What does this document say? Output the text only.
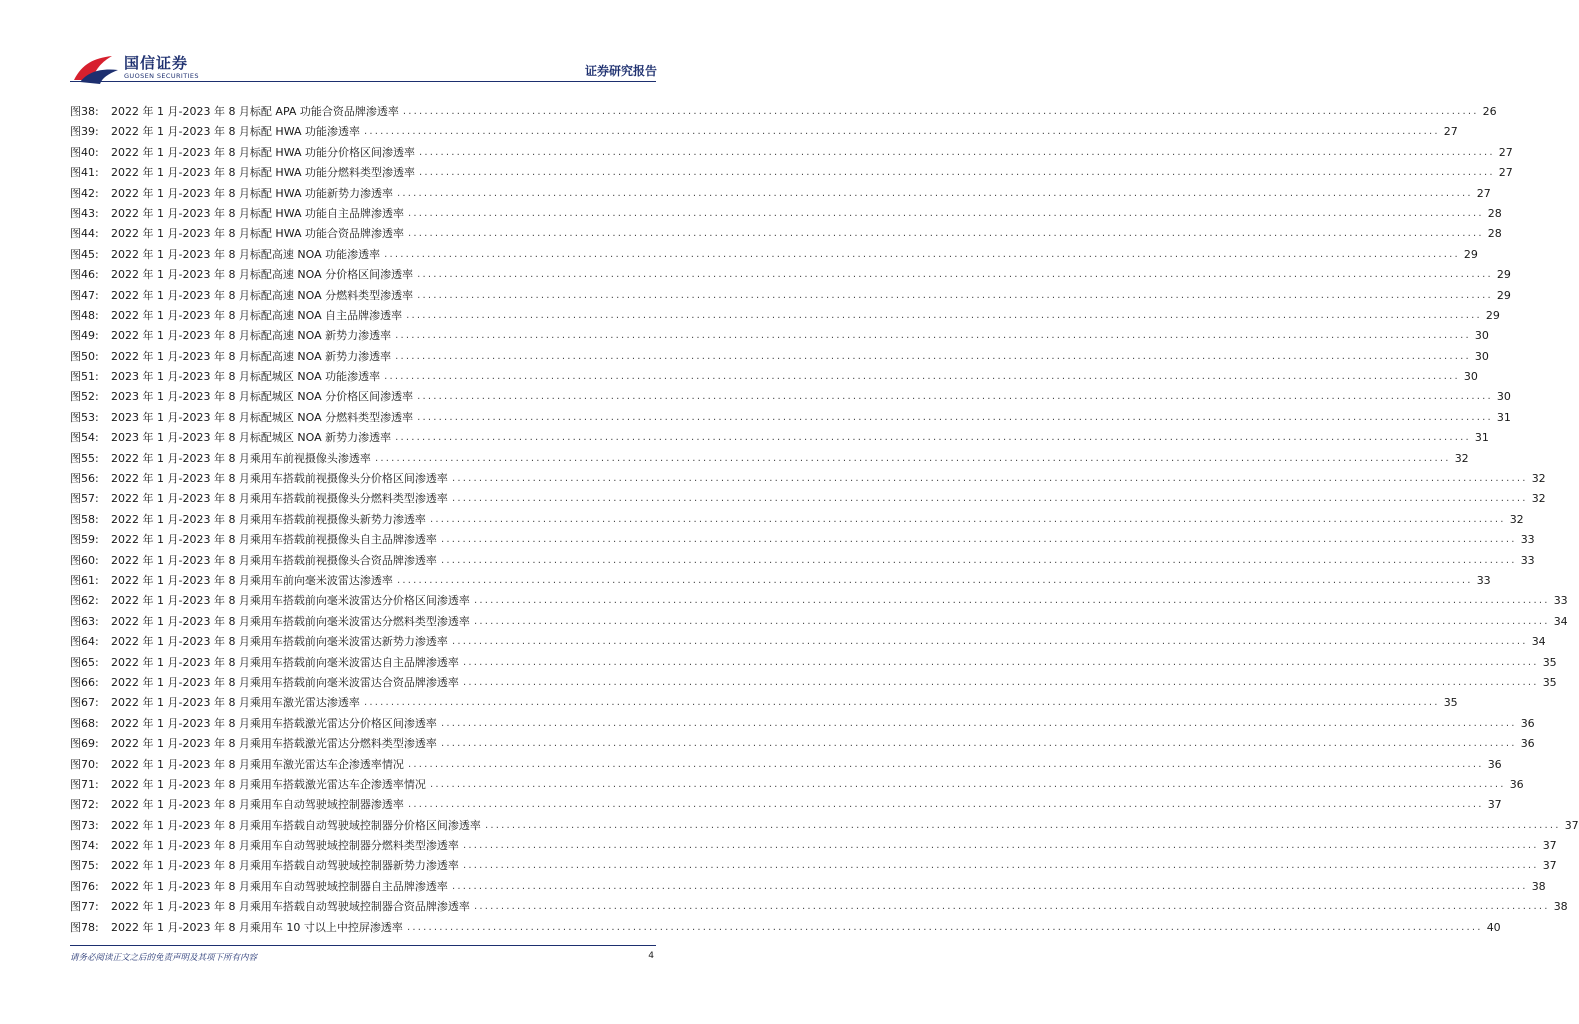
国信证券
GUOSEN SECURITIES	证券研究报告
图38:	2022 年 1 月-2023 年 8 月标配 APA 功能合资品牌渗透率 ........................................................................................................................................................................................................ 26
图39:	2022 年 1 月-2023 年 8 月标配 HWA 功能渗透率 ........................................................................................................................................................................................................ 27
图40:	2022 年 1 月-2023 年 8 月标配 HWA 功能分价格区间渗透率 ........................................................................................................................................................................................................ 27
图41:	2022 年 1 月-2023 年 8 月标配 HWA 功能分燃料类型渗透率 ........................................................................................................................................................................................................ 27
图42:	2022 年 1 月-2023 年 8 月标配 HWA 功能新势力渗透率 ........................................................................................................................................................................................................ 27
图43:	2022 年 1 月-2023 年 8 月标配 HWA 功能自主品牌渗透率 ........................................................................................................................................................................................................ 28
图44:	2022 年 1 月-2023 年 8 月标配 HWA 功能合资品牌渗透率 ........................................................................................................................................................................................................ 28
图45:	2022 年 1 月-2023 年 8 月标配高速 NOA 功能渗透率 ........................................................................................................................................................................................................ 29
图46:	2022 年 1 月-2023 年 8 月标配高速 NOA 分价格区间渗透率 ........................................................................................................................................................................................................ 29
图47:	2022 年 1 月-2023 年 8 月标配高速 NOA 分燃料类型渗透率 ........................................................................................................................................................................................................ 29
图48:	2022 年 1 月-2023 年 8 月标配高速 NOA 自主品牌渗透率 ........................................................................................................................................................................................................ 29
图49:	2022 年 1 月-2023 年 8 月标配高速 NOA 新势力渗透率 ........................................................................................................................................................................................................ 30
图50:	2022 年 1 月-2023 年 8 月标配高速 NOA 新势力渗透率 ........................................................................................................................................................................................................ 30
图51:	2023 年 1 月-2023 年 8 月标配城区 NOA 功能渗透率 ........................................................................................................................................................................................................ 30
图52:	2023 年 1 月-2023 年 8 月标配城区 NOA 分价格区间渗透率 ........................................................................................................................................................................................................ 30
图53:	2023 年 1 月-2023 年 8 月标配城区 NOA 分燃料类型渗透率 ........................................................................................................................................................................................................ 31
图54:	2023 年 1 月-2023 年 8 月标配城区 NOA 新势力渗透率 ........................................................................................................................................................................................................ 31
图55:	2022 年 1 月-2023 年 8 月乘用车前视摄像头渗透率 ........................................................................................................................................................................................................ 32
图56:	2022 年 1 月-2023 年 8 月乘用车搭载前视摄像头分价格区间渗透率 ........................................................................................................................................................................................................ 32
图57:	2022 年 1 月-2023 年 8 月乘用车搭载前视摄像头分燃料类型渗透率 ........................................................................................................................................................................................................ 32
图58:	2022 年 1 月-2023 年 8 月乘用车搭载前视摄像头新势力渗透率 ........................................................................................................................................................................................................ 32
图59:	2022 年 1 月-2023 年 8 月乘用车搭载前视摄像头自主品牌渗透率 ........................................................................................................................................................................................................ 33
图60:	2022 年 1 月-2023 年 8 月乘用车搭载前视摄像头合资品牌渗透率 ........................................................................................................................................................................................................ 33
图61:	2022 年 1 月-2023 年 8 月乘用车前向毫米波雷达渗透率 ........................................................................................................................................................................................................ 33
图62:	2022 年 1 月-2023 年 8 月乘用车搭载前向毫米波雷达分价格区间渗透率 ........................................................................................................................................................................................................ 33
图63:	2022 年 1 月-2023 年 8 月乘用车搭载前向毫米波雷达分燃料类型渗透率 ........................................................................................................................................................................................................ 34
图64:	2022 年 1 月-2023 年 8 月乘用车搭载前向毫米波雷达新势力渗透率 ........................................................................................................................................................................................................ 34
图65:	2022 年 1 月-2023 年 8 月乘用车搭载前向毫米波雷达自主品牌渗透率 ........................................................................................................................................................................................................ 35
图66:	2022 年 1 月-2023 年 8 月乘用车搭载前向毫米波雷达合资品牌渗透率 ........................................................................................................................................................................................................ 35
图67:	2022 年 1 月-2023 年 8 月乘用车激光雷达渗透率 ........................................................................................................................................................................................................ 35
图68:	2022 年 1 月-2023 年 8 月乘用车搭载激光雷达分价格区间渗透率 ........................................................................................................................................................................................................ 36
图69:	2022 年 1 月-2023 年 8 月乘用车搭载激光雷达分燃料类型渗透率 ........................................................................................................................................................................................................ 36
图70:	2022 年 1 月-2023 年 8 月乘用车激光雷达车企渗透率情况 ........................................................................................................................................................................................................ 36
图71:	2022 年 1 月-2023 年 8 月乘用车搭载激光雷达车企渗透率情况 ........................................................................................................................................................................................................ 36
图72:	2022 年 1 月-2023 年 8 月乘用车自动驾驶域控制器渗透率 ........................................................................................................................................................................................................ 37
图73:	2022 年 1 月-2023 年 8 月乘用车搭载自动驾驶域控制器分价格区间渗透率 ........................................................................................................................................................................................................ 37
图74:	2022 年 1 月-2023 年 8 月乘用车自动驾驶域控制器分燃料类型渗透率 ........................................................................................................................................................................................................ 37
图75:	2022 年 1 月-2023 年 8 月乘用车搭载自动驾驶域控制器新势力渗透率 ........................................................................................................................................................................................................ 37
图76:	2022 年 1 月-2023 年 8 月乘用车自动驾驶域控制器自主品牌渗透率 ........................................................................................................................................................................................................ 38
图77:	2022 年 1 月-2023 年 8 月乘用车搭载自动驾驶域控制器合资品牌渗透率 ........................................................................................................................................................................................................ 38
图78:	2022 年 1 月-2023 年 8 月乘用车 10 寸以上中控屏渗透率 ........................................................................................................................................................................................................ 40
请务必阅读正文之后的免责声明及其项下所有内容	4
